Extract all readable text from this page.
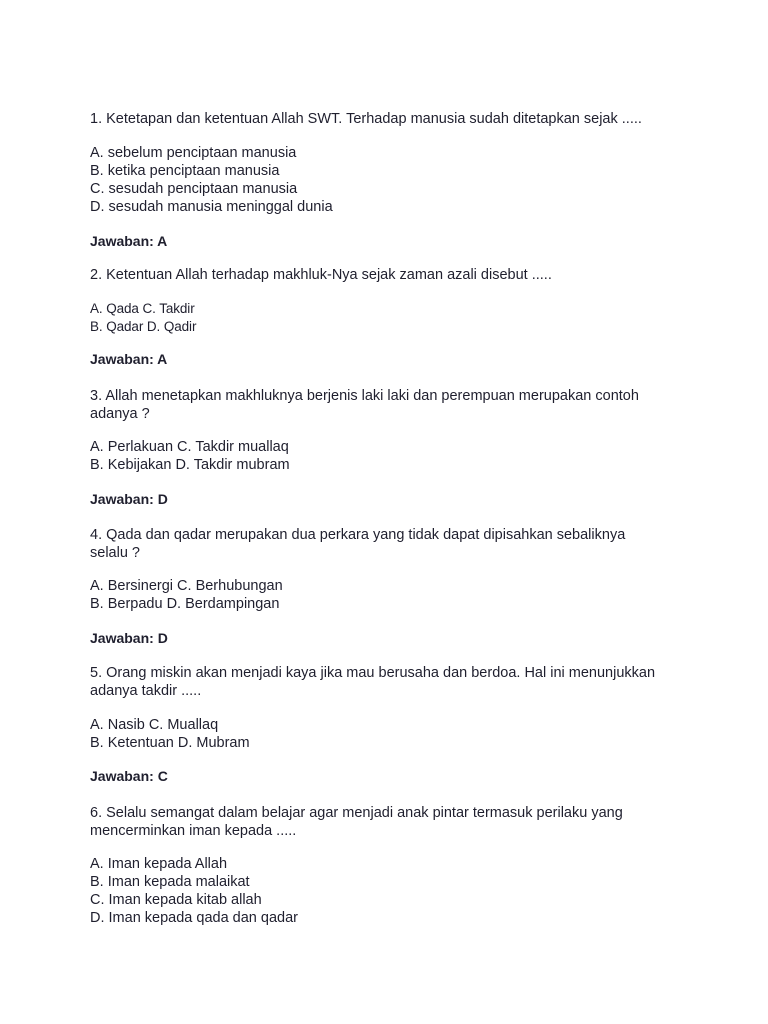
1. Ketetapan dan ketentuan Allah SWT. Terhadap manusia sudah ditetapkan sejak .....
A. sebelum penciptaan manusia
B. ketika penciptaan manusia
C. sesudah penciptaan manusia
D. sesudah manusia meninggal dunia
Jawaban: A
2. Ketentuan Allah terhadap makhluk-Nya sejak zaman azali disebut .....
A. Qada C. Takdir
B. Qadar D. Qadir
Jawaban: A
3. Allah menetapkan makhluknya berjenis laki laki dan perempuan merupakan contoh
adanya ?
A. Perlakuan C. Takdir muallaq
B. Kebijakan D. Takdir mubram
Jawaban: D
4. Qada dan qadar merupakan dua perkara yang tidak dapat dipisahkan sebaliknya
selalu ?
A. Bersinergi C. Berhubungan
B. Berpadu D. Berdampingan
Jawaban: D
5. Orang miskin akan menjadi kaya jika mau berusaha dan berdoa. Hal ini menunjukkan
adanya takdir .....
A. Nasib C. Muallaq
B. Ketentuan D. Mubram
Jawaban: C
6. Selalu semangat dalam belajar agar menjadi anak pintar termasuk perilaku yang
mencerminkan iman kepada .....
A. Iman kepada Allah
B. Iman kepada malaikat
C. Iman kepada kitab allah
D. Iman kepada qada dan qadar
